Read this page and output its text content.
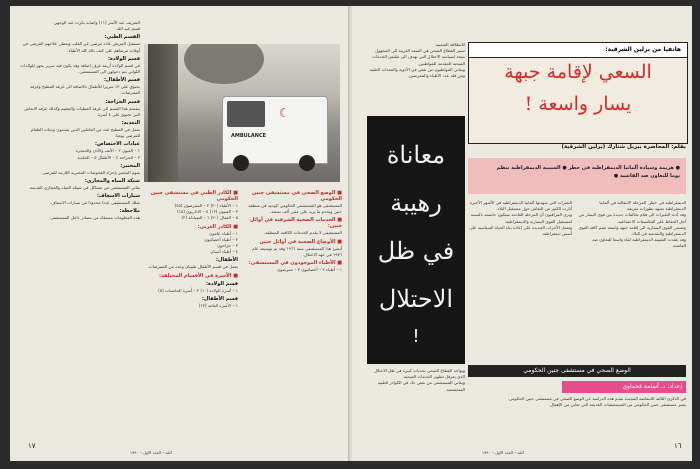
الشريف عند الأسر (١١) واصابة بكرت عند الوجهي

قسم عبد الله.

القسم الطبي:

تستقبل المريض عادة مرضى عن القلب ويعطى علاجهم المرضى في أوقات مرضاهم على كتف ذلك كله الأطباء.

قسم الولادة:

في قسم الولادة أربعة غرف اضافة وقد يكون فيه سرير يجهز للوالدات اللواتي يتم دخولهن الى المستشفى.

قسم الأطفال:

يحتوي على ١٣ سريرا للأطفال بالاضافة الى غرفة المطبخ وغرفة الممرضات.

قسم الجراحة:

ينقسم هذا القسم الى غرفة العمليات والتعقيم وكذلك غرفة الانعاش التي تحتوي على ٤ أسرة.

التغذية:

يعمل في المطبخ عدد من العاملين الذين يقدمون وجبات الطعام للمرضى يوميا.

عيادات الاختصاص:

١ – العيون ٢ – الأنف والأذن والحنجرة

٣ – الجراحة ٤ – الأطفال ٥ – الجلدية

المختبر:

يقوم المختبر بإجراء الفحوصات المخبرية اللازمة للمرضى.

شبكة المياه والمجاري:

تعاني المستشفى من مشاكل في شبكة المياه والمجاري القديمة.

سيارات الاسعاف:

تملك المستشفى عددا محدودا من سيارات الاسعاف.

ملاحظة:

هذه المعلومات مستقاة من مصادر داخل المستشفى.

☾
AMBULANCE

■ الكادر الطبي في مستشفى جنين الحكومي

١ – الأطباء (٢٠) ٢ – الممرضون (٤٥)

٣ – الفنيون (١٢) ٤ – الاداريون (١٥)

٥ – العمال (٣٠) ٦ – الصيادلة (٢)

■ الكادر الغربي:

١ – أطباء عامون

٢ – أطباء أخصائيون

٣ – جراحون

٤ – أطباء أسنان

الأطفال:

يعمل في قسم الأطفال طبيبان وعدد من الممرضات.

■ الأسرة في الأقسام المختلفة:

قسم الولادة:

١ – أسرة الولادة (١٠) ٢ – أسرة الحاضنات (٥)

قسم الأطفال:

١ – الأسرة العامة (١٣)

■ الوضع الصحي في مستشفى جنين الحكومي

المستشفى هو المستشفى الحكومي الوحيد في منطقة جنين ويخدم ما يزيد على مئتي ألف نسمة.

■ الخدمات الصحية الشرقية في أوائل جنين:

المستشفى لا يقدم الخدمات الكافية للمنطقة.

■ الأوضاع الصحية في أوائل جنين

أنشئ هذا المستشفى سنة ١٩٦٦ وقد تم توسيعه عام ١٩٧٦ في عهد الاحتلال.

■ الأطباء الموجودون في المستشفى:

١ – أطباء ٢ – أخصائيون ٣ – ممرضون

١٧
الغد – العدد الاول – ١٩٩٠

للانطلاقة الشعبية

تسير القطاع الصحي في الضفة الغربية الى المجهول نتيجة لسياسة الاحتلال التي تهدف الى تقليص الخدمات الصحية المقدمة للمواطنين.

ويعاني المواطنون من نقص في الأدوية والمعدات الطبية ومن قلة عدد الأطباء والممرضين.

معاناة
رهيبة
في ظل
الاحتلال
!
هاتفيا من برلين الشرقية:
السعي لإقامة جبهة
يسار واسعة !
بقلم: المحاضرة بيربل شتارك (برلين الشرقية)
● هزيمة وسيادة ألمانيا الديمقراطية في خطر ● الشبيبة الديمقراطية تنظم
يوما للتعاون ضد الفاشية ●

التغيرات التي شهدتها ألمانيا الديمقراطية في الأشهر الأخيرة أثارت الكثير من النقاش حول مستقبل البلاد.

ويرى المراقبون أن المرحلة القادمة ستكون حاسمة بالنسبة لمستقبل القوى اليسارية والديمقراطية.

وتعمل الأحزاب الجديدة على إعادة بناء الحياة السياسية على أسس ديمقراطية.

الديمقراطية في خطر. المرحلة الانتقالية في ألمانيا الديمقراطية تشهد تطورات سريعة.

وقد أدت التغيرات الى قيام تحالفات جديدة بين قوى اليسار من أجل الحفاظ على المكتسبات الاجتماعية.

وتسعى القوى اليسارية الى إقامة جبهة واسعة تضم كافة القوى الديمقراطية والتقدمية في البلاد.

وقد عقدت الشبيبة الديمقراطية لقاء واسعا للتعاون ضد الفاشية.

ويواجه القطاع الصحي تحديات كبيرة في ظل الاحتلال الذي يعرقل تطوير الخدمات الصحية.

ويعاني المستشفى من نقص حاد في الكوادر الطبية المتخصصة.

الوضع الصحي في مستشفى جنين الحكومي
إعداد: د. أسامة فحماوي

في الذكرى الثالثة للانتفاضة المجيدة نقدم هذه الدراسة عن الوضع الصحي في مستشفى جنين الحكومي.

يعتبر مستشفى جنين الحكومي من المستشفيات القديمة التي تعاني من الإهمال.

١٦
الغد – العدد الاول – ١٩٩٠
